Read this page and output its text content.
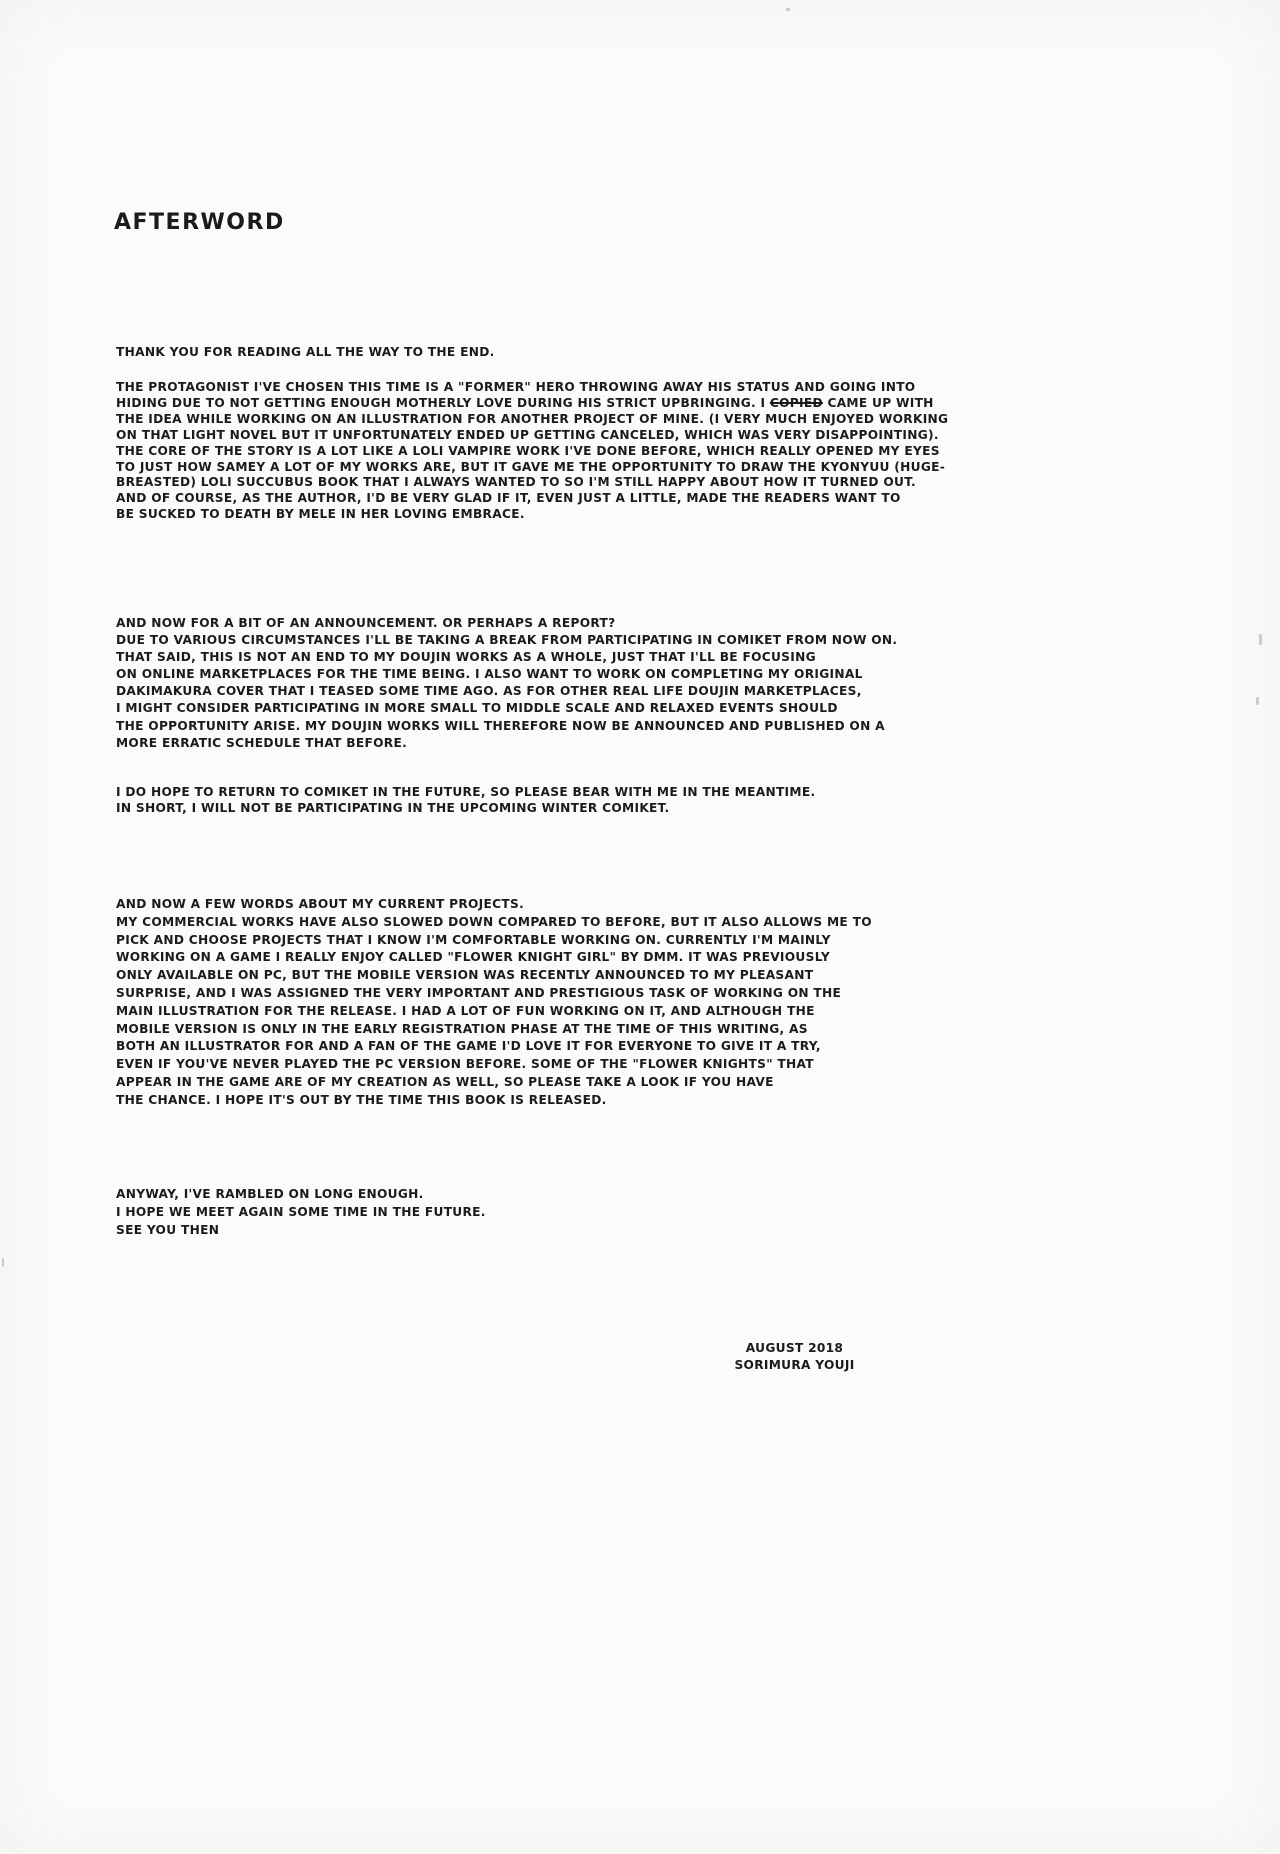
AFTERWORD
THANK YOU FOR READING ALL THE WAY TO THE END.
THE PROTAGONIST I'VE CHOSEN THIS TIME IS A "FORMER" HERO THROWING AWAY HIS STATUS AND GOING INTO
HIDING DUE TO NOT GETTING ENOUGH MOTHERLY LOVE DURING HIS STRICT UPBRINGING. I COPIED CAME UP WITH
THE IDEA WHILE WORKING ON AN ILLUSTRATION FOR ANOTHER PROJECT OF MINE. (I VERY MUCH ENJOYED WORKING
ON THAT LIGHT NOVEL BUT IT UNFORTUNATELY ENDED UP GETTING CANCELED, WHICH WAS VERY DISAPPOINTING).
THE CORE OF THE STORY IS A LOT LIKE A LOLI VAMPIRE WORK I'VE DONE BEFORE, WHICH REALLY OPENED MY EYES
TO JUST HOW SAMEY A LOT OF MY WORKS ARE, BUT IT GAVE ME THE OPPORTUNITY TO DRAW THE KYONYUU (HUGE-
BREASTED) LOLI SUCCUBUS BOOK THAT I ALWAYS WANTED TO SO I'M STILL HAPPY ABOUT HOW IT TURNED OUT.
AND OF COURSE, AS THE AUTHOR, I'D BE VERY GLAD IF IT, EVEN JUST A LITTLE, MADE THE READERS WANT TO
BE SUCKED TO DEATH BY MELE IN HER LOVING EMBRACE.
AND NOW FOR A BIT OF AN ANNOUNCEMENT. OR PERHAPS A REPORT?
DUE TO VARIOUS CIRCUMSTANCES I'LL BE TAKING A BREAK FROM PARTICIPATING IN COMIKET FROM NOW ON.
THAT SAID, THIS IS NOT AN END TO MY DOUJIN WORKS AS A WHOLE, JUST THAT I'LL BE FOCUSING
ON ONLINE MARKETPLACES FOR THE TIME BEING. I ALSO WANT TO WORK ON COMPLETING MY ORIGINAL
DAKIMAKURA COVER THAT I TEASED SOME TIME AGO. AS FOR OTHER REAL LIFE DOUJIN MARKETPLACES,
I MIGHT CONSIDER PARTICIPATING IN MORE SMALL TO MIDDLE SCALE AND RELAXED EVENTS SHOULD
THE OPPORTUNITY ARISE. MY DOUJIN WORKS WILL THEREFORE NOW BE ANNOUNCED AND PUBLISHED ON A
MORE ERRATIC SCHEDULE THAT BEFORE.
I DO HOPE TO RETURN TO COMIKET IN THE FUTURE, SO PLEASE BEAR WITH ME IN THE MEANTIME.
IN SHORT, I WILL NOT BE PARTICIPATING IN THE UPCOMING WINTER COMIKET.
AND NOW A FEW WORDS ABOUT MY CURRENT PROJECTS.
MY COMMERCIAL WORKS HAVE ALSO SLOWED DOWN COMPARED TO BEFORE, BUT IT ALSO ALLOWS ME TO
PICK AND CHOOSE PROJECTS THAT I KNOW I'M COMFORTABLE WORKING ON. CURRENTLY I'M MAINLY
WORKING ON A GAME I REALLY ENJOY CALLED "FLOWER KNIGHT GIRL" BY DMM. IT WAS PREVIOUSLY
ONLY AVAILABLE ON PC, BUT THE MOBILE VERSION WAS RECENTLY ANNOUNCED TO MY PLEASANT
SURPRISE, AND I WAS ASSIGNED THE VERY IMPORTANT AND PRESTIGIOUS TASK OF WORKING ON THE
MAIN ILLUSTRATION FOR THE RELEASE. I HAD A LOT OF FUN WORKING ON IT, AND ALTHOUGH THE
MOBILE VERSION IS ONLY IN THE EARLY REGISTRATION PHASE AT THE TIME OF THIS WRITING, AS
BOTH AN ILLUSTRATOR FOR AND A FAN OF THE GAME I'D LOVE IT FOR EVERYONE TO GIVE IT A TRY,
EVEN IF YOU'VE NEVER PLAYED THE PC VERSION BEFORE. SOME OF THE "FLOWER KNIGHTS" THAT
APPEAR IN THE GAME ARE OF MY CREATION AS WELL, SO PLEASE TAKE A LOOK IF YOU HAVE
THE CHANCE. I HOPE IT'S OUT BY THE TIME THIS BOOK IS RELEASED.
ANYWAY, I'VE RAMBLED ON LONG ENOUGH.
I HOPE WE MEET AGAIN SOME TIME IN THE FUTURE.
SEE YOU THEN
AUGUST 2018
SORIMURA YOUJI
